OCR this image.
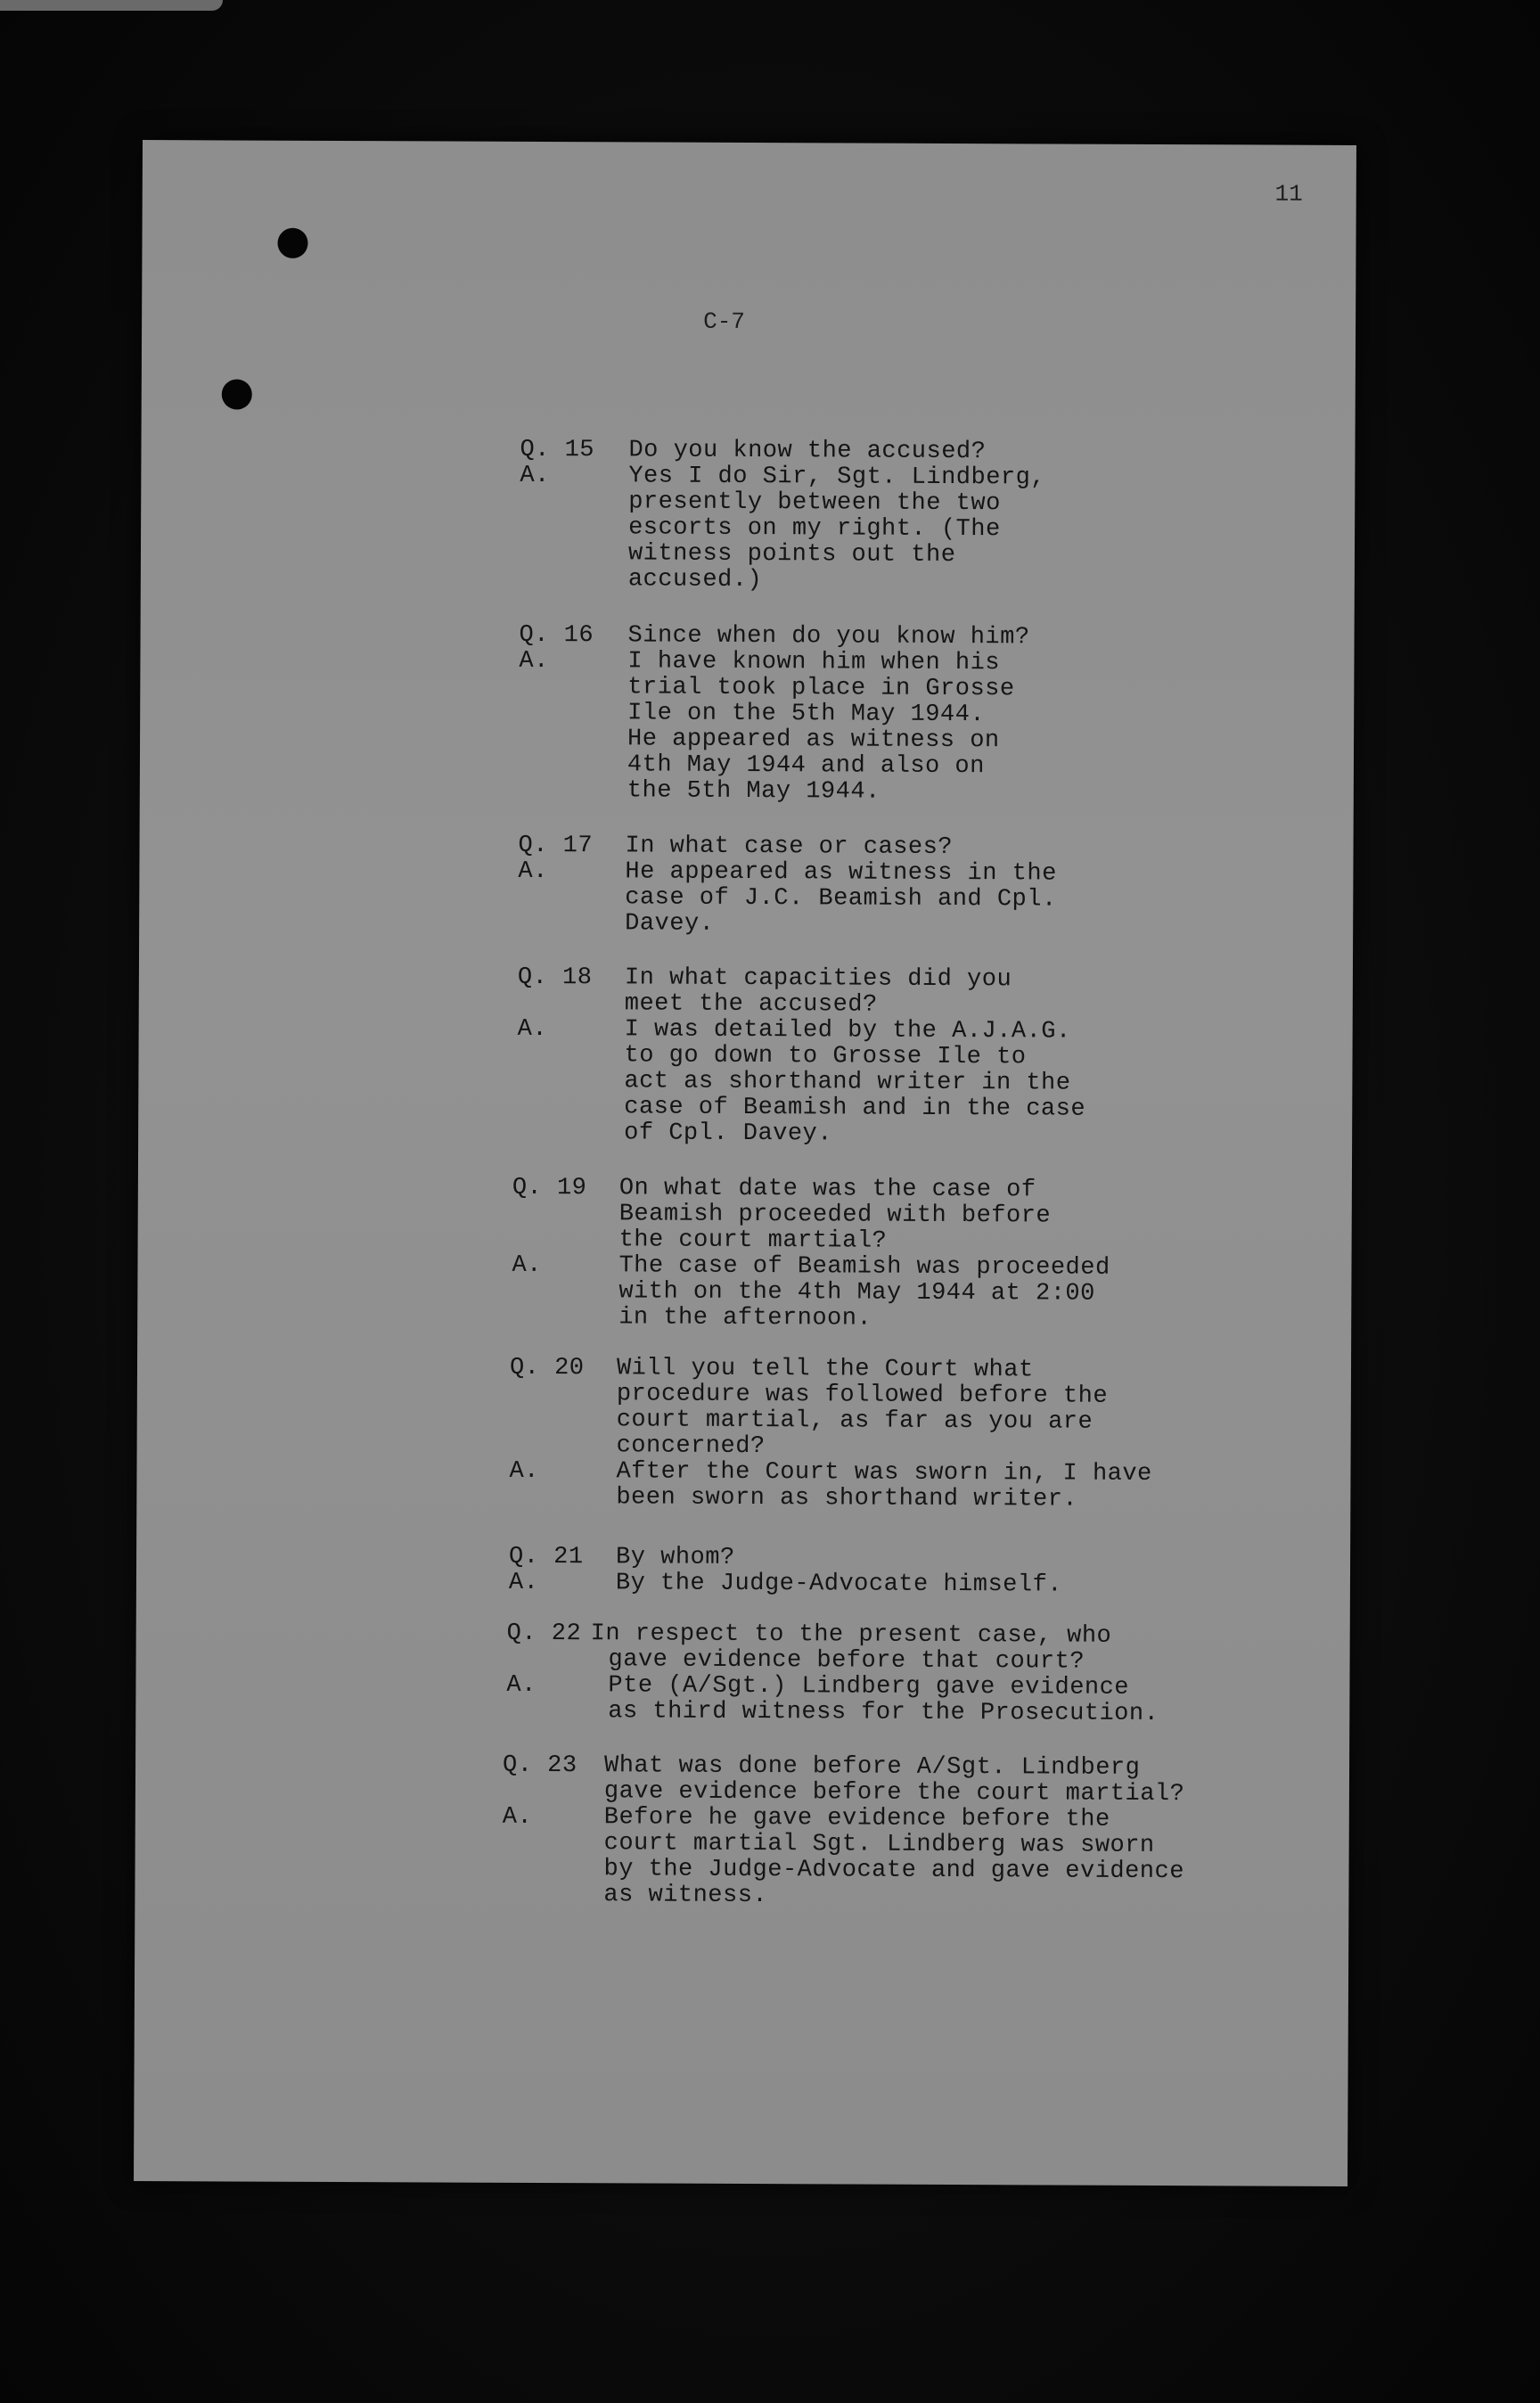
11
C-7
Q. 15 Do you know the accused?
A.	Yes I do Sir, Sgt. Lindberg,
presently between the two
escorts on my right. (The
witness points out the
accused.)
Q. 16 Since when do you know him?
A.	I have known him when his
trial took place in Grosse
Ile on the 5th May 1944.
He appeared as witness on
4th May 1944 and also on
the 5th May 1944.
Q. 17 In what case or cases?
A.	He appeared as witness in the
case of J.C. Beamish and Cpl.
Davey.
Q. 18 In what capacities did you
meet the accused?
A.	I was detailed by the A.J.A.G.
to go down to Grosse Ile to
act as shorthand writer in the
case of Beamish and in the case
of Cpl. Davey.
Q. 19 On what date was the case of
Beamish proceeded with before
the court martial?
A.	The case of Beamish was proceeded
with on the 4th May 1944 at 2:00
in the afternoon.
Q. 20 Will you tell the Court what
procedure was followed before the
court martial, as far as you are
concerned?
A.	After the Court was sworn in, I have
been sworn as shorthand writer.
Q. 21 By whom?
A.	By the Judge-Advocate himself.
Q. 22 In respect to the present case, who
gave evidence before that court?
A.	Pte (A/Sgt.) Lindberg gave evidence
as third witness for the Prosecution.
Q. 23 What was done before A/Sgt. Lindberg
gave evidence before the court martial?
A.	Before he gave evidence before the
court martial Sgt. Lindberg was sworn
by the Judge-Advocate and gave evidence
as witness.
